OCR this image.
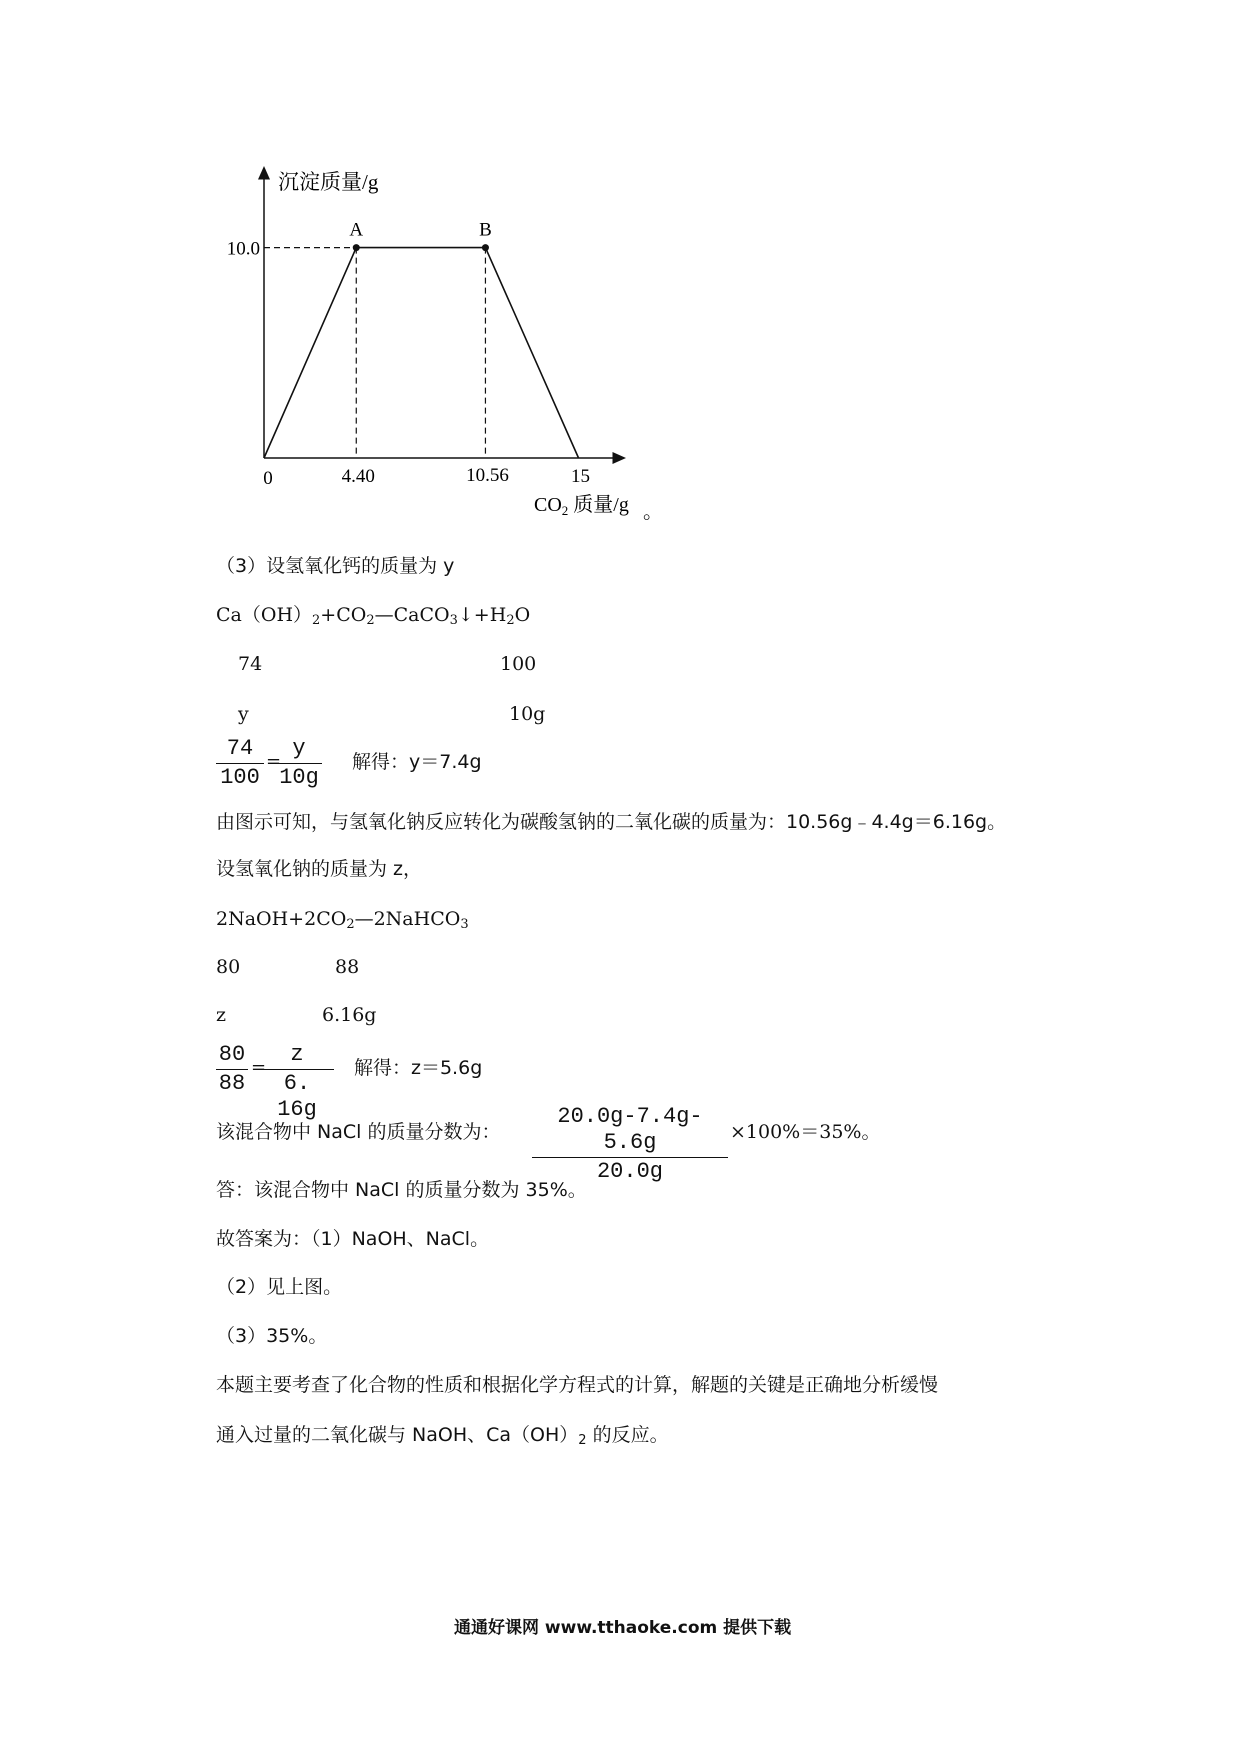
沉淀质量/g
0	4.40	10.56	15
10.0
A	B
$CO_2$ 质量/g 。
（3）设氢氧化钙的质量为 y
$Ca(OH)_2+CO_2—CaCO_3↓+H_2O$
74	100
y	10g
74
100
=
y
10g
解得：y＝7.4g
由图示可知，与氢氧化钠反应转化为碳酸氢钠的二氧化碳的质量为：10.56g﹣4.4g＝6.16g。
设氢氧化钠的质量为 z，
$2NaOH+2CO_2—2NaHCO_3$
80	88
z	6.16g
80
88
=
z
6. 16g
解得：z＝5.6g
该混合物中 NaCl 的质量分数为：
20.0g-7.4g-5.6g
20.0g
×100%＝35%。
答：该混合物中 NaCl 的质量分数为 35%。
故答案为：（1）NaOH、NaCl。
（2）见上图。
（3）35%。
本题主要考查了化合物的性质和根据化学方程式的计算，解题的关键是正确地分析缓慢
通入过量的二氧化碳与 NaOH、$Ca(OH)_2$ 的反应。
通通好课网 www.tthaoke.com 提供下载
